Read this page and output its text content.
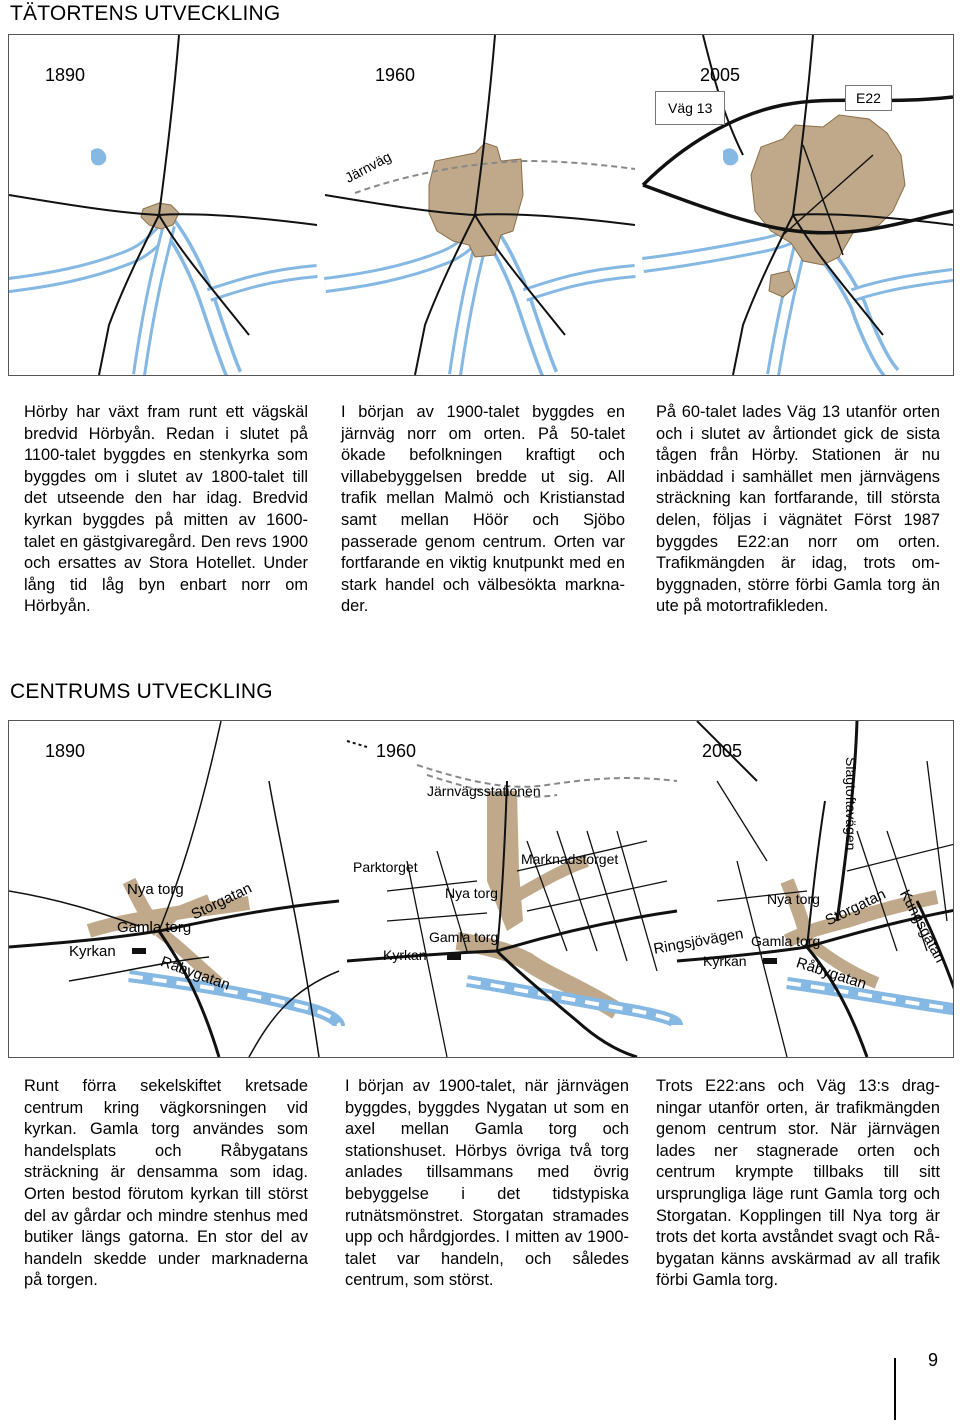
TÄTORTENS UTVECKLING
1890	1960	2005
Järnväg
Väg 13
E22
Hörby har växt fram runt ett vägskäl bredvid Hörbyån. Redan i slutet på 1100-talet byggdes en stenkyrka som byggdes om i slutet av 1800-talet till det utseende den har idag. Bredvid kyrkan byggdes på mitten av 1600-talet en gästgivaregård. Den revs 1900 och ersattes av Stora Hotellet. Under lång tid låg byn enbart norr om Hörbyån.
I början av 1900-talet byggdes en järnväg norr om orten. På 50-talet ökade befolkningen kraftigt och villabebyggelsen bredde ut sig. All trafik mellan Malmö och Kristianstad samt mellan Höör och Sjöbo passerade genom centrum. Orten var fortfarande en viktig knutpunkt med en stark handel och välbesökta marknader.
På 60-talet lades Väg 13 utanför orten och i slutet av årtiondet gick de sista tågen från Hörby. Stationen är nu inbäddad i samhället men järnvägens sträckning kan fortfarande, till största delen, följas i vägnätet Först 1987 byggdes E22:an norr om orten. Trafikmängden är idag, trots ombyggnaden, större förbi Gamla torg än ute på motortrafikleden.
CENTRUMS UTVECKLING
1890	1960	2005
Nya torg Storgatan
Gamla torg
Kyrkan
Råbygatan
Järnvägsstationen
Parktorget	Marknadstorget
Nya torg
Gamla torg
Kyrkan
Slagtoftavägen
Nya torg Storgatan Kungsgatan
Ringsjövägen Gamla torg
Kyrkan	Råbygatan
Runt förra sekelskiftet kretsade centrum kring vägkorsningen vid kyrkan. Gamla torg användes som handelsplats och Råbygatans sträckning är densamma som idag. Orten bestod förutom kyrkan till störst del av gårdar och mindre stenhus med butiker längs gatorna. En stor del av handeln skedde under marknaderna på torgen.
I början av 1900-talet, när järnvägen byggdes, byggdes Nygatan ut som en axel mellan Gamla torg och stationshuset. Hörbys övriga två torg anlades tillsammans med övrig bebyggelse i det tidstypiska rutnätsmönstret. Storgatan stramades upp och hårdgjordes. I mitten av 1900-talet var handeln, och således centrum, som störst.
Trots E22:ans och Väg 13:s dragningar utanför orten, är trafikmängden genom centrum stor. När järnvägen lades ner stagnerade orten och centrum krympte tillbaks till sitt ursprungliga läge runt Gamla torg och Storgatan. Kopplingen till Nya torg är trots det korta avståndet svagt och Råbygatan känns avskärmad av all trafik förbi Gamla torg.
9
